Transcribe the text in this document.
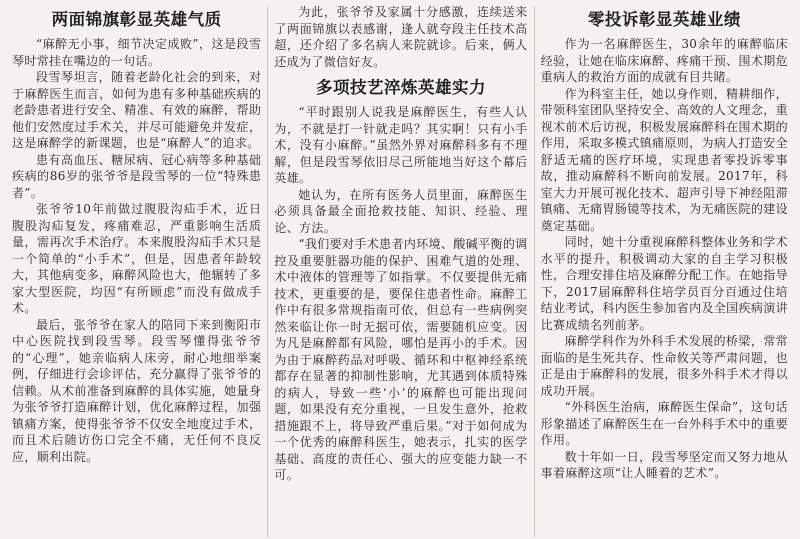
两面锦旗彰显英雄气质

“麻醉无小事，细节决定成败”，这是段雪琴时常挂在嘴边的一句话。

段雪琴坦言，随着老龄化社会的到来，对于麻醉医生而言，如何为患有多种基础疾病的老龄患者进行安全、精准、有效的麻醉，帮助他们安然度过手术关，并尽可能避免并发症，这是麻醉学的新课题，也是“麻醉人”的追求。

患有高血压、糖尿病、冠心病等多种基础疾病的86岁的张爷爷是段雪琴的一位“特殊患者”。

张爷爷10年前做过腹股沟疝手术，近日腹股沟疝复发，疼痛难忍，严重影响生活质量，需再次手术治疗。本来腹股沟疝手术只是一个简单的“小手术”，但是，因患者年龄较大，其他病变多，麻醉风险也大，他辗转了多家大型医院，均因“有所顾虑”而没有做成手术。

最后，张爷爷在家人的陪同下来到衡阳市中心医院找到段雪琴。段雪琴懂得张爷爷的“心理”，她亲临病人床旁，耐心地细举案例，仔细进行会诊评估，充分赢得了张爷爷的信赖。从术前准备到麻醉的具体实施，她量身为张爷爷打造麻醉计划，优化麻醉过程，加强镇痛方案，使得张爷爷不仅安全地度过手术，而且术后随访伤口完全不痛，无任何不良反应，顺利出院。

为此，张爷爷及家属十分感激，连续送来了两面锦旗以表感谢，逢人就夸段主任技术高超，还介绍了多名病人来院就诊。后来，俩人还成为了微信好友。

多项技艺淬炼英雄实力

“平时跟别人说我是麻醉医生，有些人认为，不就是打一针就走吗？其实啊！只有小手术，没有小麻醉。”虽然外界对麻醉科多有不理解，但是段雪琴依旧尽己所能地当好这个幕后英雄。

她认为，在所有医务人员里面，麻醉医生必须具备最全面抢救技能、知识、经验、理论、方法。

“我们要对手术患者内环境、酸碱平衡的调控及重要脏器功能的保护、困难气道的处理、术中液体的管理等了如指掌。不仅要提供无痛技术，更重要的是，要保住患者性命。麻醉工作中有很多常规指南可依，但总有一些病例突然来临让你一时无据可依，需要随机应变。因为凡是麻醉都有风险，哪怕是再小的手术。因为由于麻醉药品对呼吸、循环和中枢神经系统都存在显著的抑制性影响，尤其遇到体质特殊的病人，导致一些‘小’的麻醉也可能出现问题，如果没有充分重视，一旦发生意外，抢救措施跟不上，将导致严重后果。”对于如何成为一个优秀的麻醉科医生，她表示，扎实的医学基础、高度的责任心、强大的应变能力缺一不可。

零投诉彰显英雄业绩

作为一名麻醉医生，30余年的麻醉临床经验，让她在临床麻醉、疼痛干预、围术期危重病人的救治方面的成就有目共睹。

作为科室主任，她以身作则，精耕细作，带领科室团队坚持安全、高效的人文理念，重视术前术后访视，积极发展麻醉科在围术期的作用，采取多模式镇痛原则，为病人打造安全舒适无痛的医疗环境，实现患者零投诉零事故，推动麻醉科不断向前发展。2017年，科室大力开展可视化技术、超声引导下神经阻滞镇痛、无痛胃肠镜等技术，为无痛医院的建设奠定基础。

同时，她十分重视麻醉科整体业务和学术水平的提升，积极调动大家的自主学习积极性，合理安排住培及麻醉分配工作。在她指导下，2017届麻醉科住培学员百分百通过住培结业考试，科内医生参加省内及全国疾病演讲比赛成绩名列前茅。

麻醉学科作为外科手术发展的桥梁，常常面临的是生死共存、性命攸关等严肃问题，也正是由于麻醉科的发展，很多外科手术才得以成功开展。

“外科医生治病，麻醉医生保命”，这句话形象描述了麻醉医生在一台外科手术中的重要作用。

数十年如一日，段雪琴坚定而又努力地从事着麻醉这项“让人睡着的艺术”。
